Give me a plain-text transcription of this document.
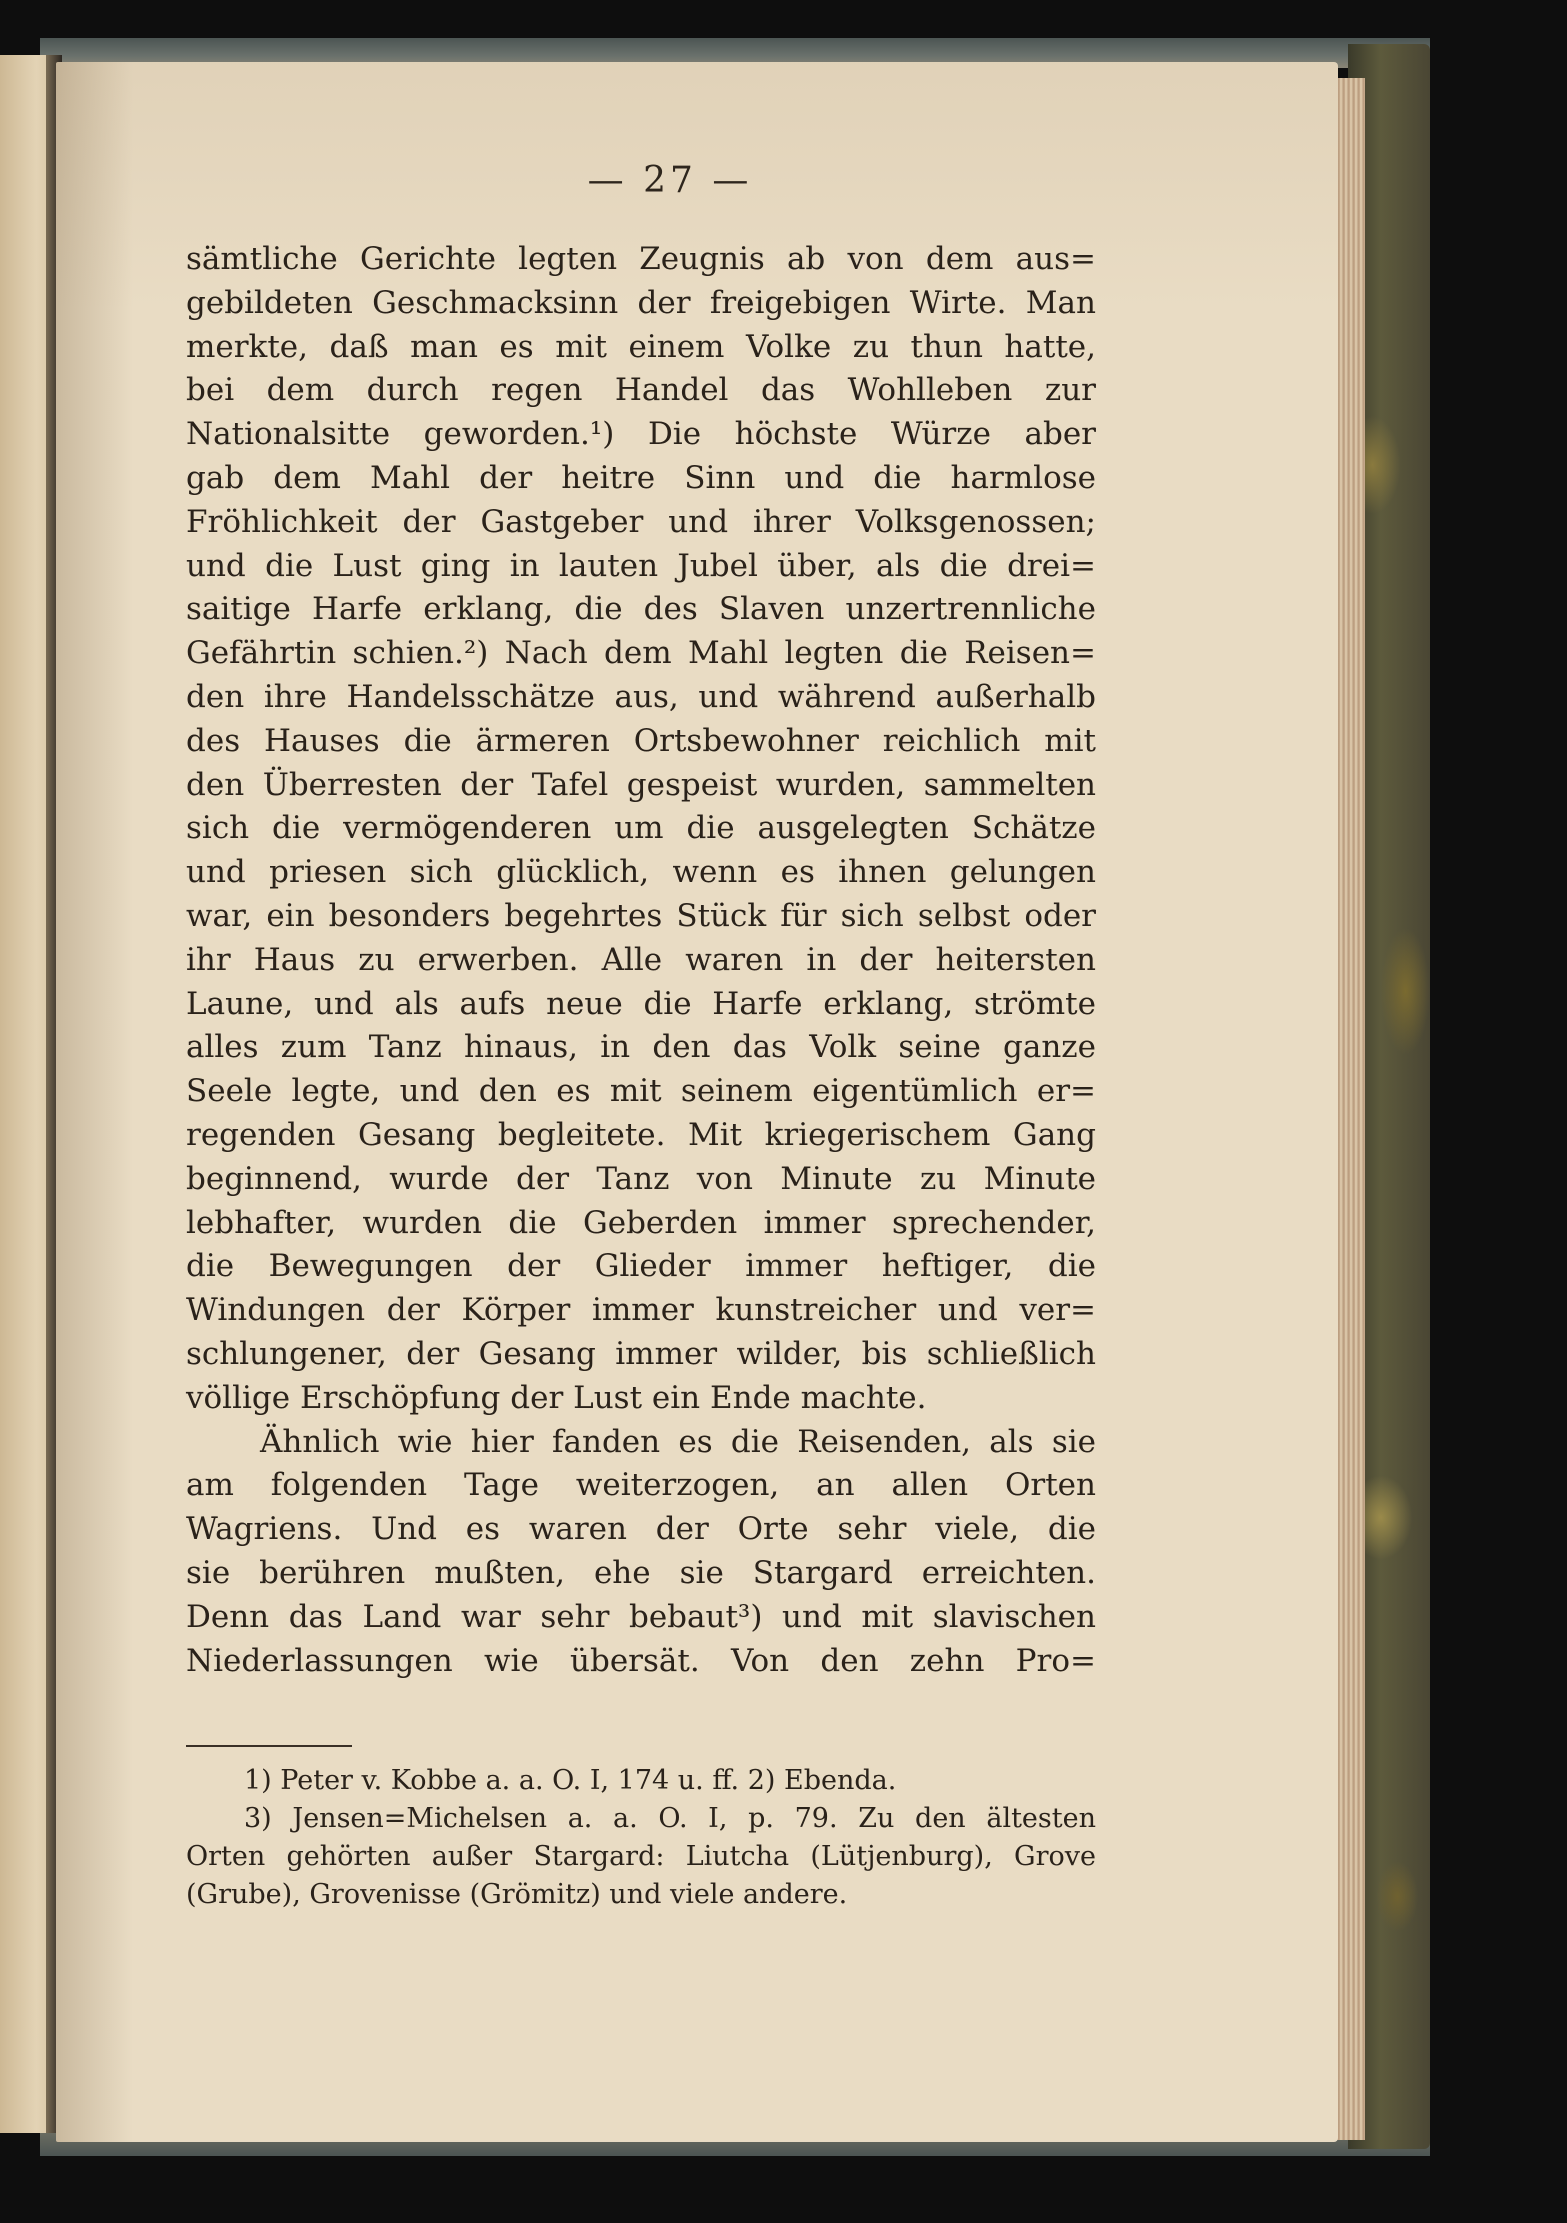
— 27 —
sämtliche Gerichte legten Zeugnis ab von dem aus=
gebildeten Geschmacksinn der freigebigen Wirte. Man
merkte, daß man es mit einem Volke zu thun hatte,
bei dem durch regen Handel das Wohlleben zur
Nationalsitte geworden.¹) Die höchste Würze aber
gab dem Mahl der heitre Sinn und die harmlose
Fröhlichkeit der Gastgeber und ihrer Volksgenossen;
und die Lust ging in lauten Jubel über, als die drei=
saitige Harfe erklang, die des Slaven unzertrennliche
Gefährtin schien.²) Nach dem Mahl legten die Reisen=
den ihre Handelsschätze aus, und während außerhalb
des Hauses die ärmeren Ortsbewohner reichlich mit
den Überresten der Tafel gespeist wurden, sammelten
sich die vermögenderen um die ausgelegten Schätze
und priesen sich glücklich, wenn es ihnen gelungen
war, ein besonders begehrtes Stück für sich selbst oder
ihr Haus zu erwerben. Alle waren in der heitersten
Laune, und als aufs neue die Harfe erklang, strömte
alles zum Tanz hinaus, in den das Volk seine ganze
Seele legte, und den es mit seinem eigentümlich er=
regenden Gesang begleitete. Mit kriegerischem Gang
beginnend, wurde der Tanz von Minute zu Minute
lebhafter, wurden die Geberden immer sprechender,
die Bewegungen der Glieder immer heftiger, die
Windungen der Körper immer kunstreicher und ver=
schlungener, der Gesang immer wilder, bis schließlich
völlige Erschöpfung der Lust ein Ende machte.
Ähnlich wie hier fanden es die Reisenden, als sie
am folgenden Tage weiterzogen, an allen Orten
Wagriens. Und es waren der Orte sehr viele, die
sie berühren mußten, ehe sie Stargard erreichten.
Denn das Land war sehr bebaut³) und mit slavischen
Niederlassungen wie übersät. Von den zehn Pro=
1) Peter v. Kobbe a. a. O. I, 174 u. ff. 2) Ebenda.
3) Jensen=Michelsen a. a. O. I, p. 79. Zu den ältesten
Orten gehörten außer Stargard: Liutcha (Lütjenburg), Grove
(Grube), Grovenisse (Grömitz) und viele andere.
